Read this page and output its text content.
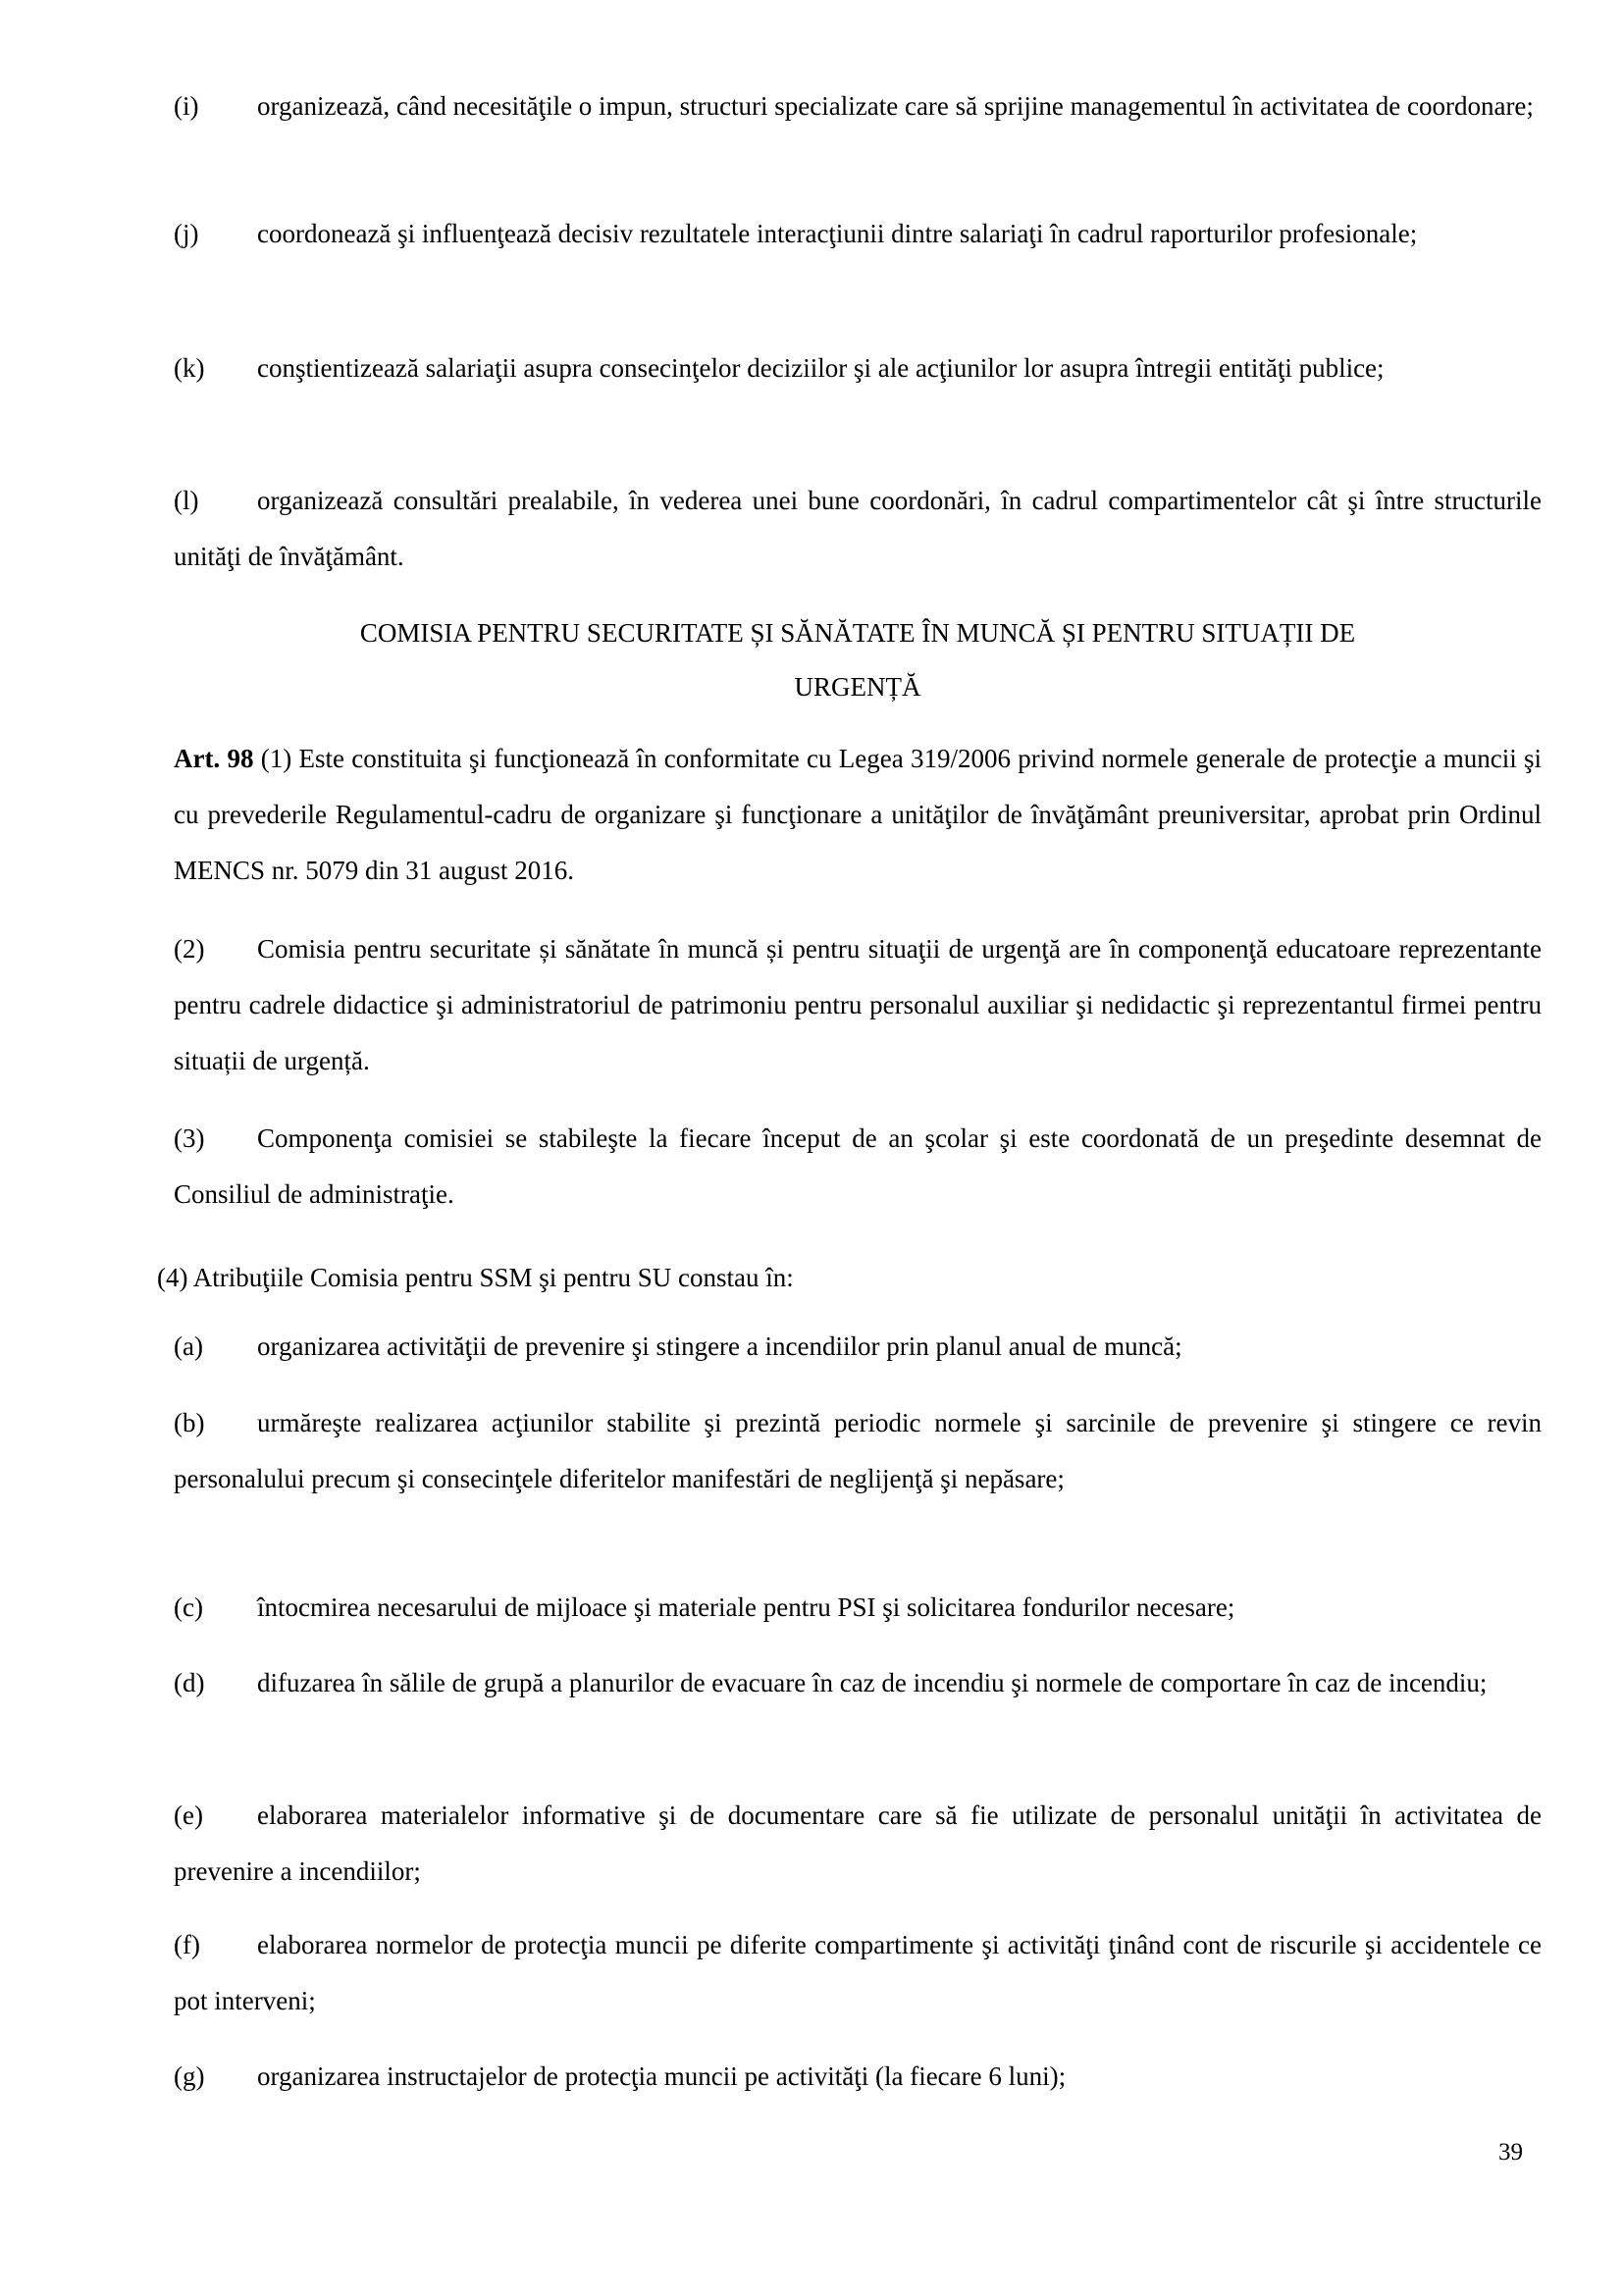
(i) organizează, când necesităţile o impun, structuri specializate care să sprijine managementul în activitatea de coordonare;
(j) coordonează şi influenţează decisiv rezultatele interacţiunii dintre salariaţi în cadrul raporturilor profesionale;
(k) conştientizează salariaţii asupra consecinţelor deciziilor şi ale acţiunilor lor asupra întregii entităţi publice;
(l) organizează consultări prealabile, în vederea unei bune coordonări, în cadrul compartimentelor cât şi între structurile unităţi de învăţământ.
COMISIA PENTRU SECURITATE ȘI SĂNĂTATE ÎN MUNCĂ ȘI PENTRU SITUAȚII DE
URGENȚĂ
Art. 98 (1) Este constituita şi funcţionează în conformitate cu Legea 319/2006 privind normele generale de protecţie a muncii şi cu prevederile Regulamentul-cadru de organizare şi funcţionare a unităţilor de învăţământ preuniversitar, aprobat prin Ordinul MENCS nr. 5079 din 31 august 2016.
(2) Comisia pentru securitate și sănătate în muncă și pentru situaţii de urgenţă are în componenţă educatoare reprezentante pentru cadrele didactice şi administratoriul de patrimoniu pentru personalul auxiliar şi nedidactic şi reprezentantul firmei pentru situații de urgență.
(3) Componenţa comisiei se stabileşte la fiecare început de an şcolar şi este coordonată de un preşedinte desemnat de Consiliul de administraţie.
(4) Atribuţiile Comisia pentru SSM şi pentru SU constau în:
(a) organizarea activităţii de prevenire şi stingere a incendiilor prin planul anual de muncă;
(b) urmăreşte realizarea acţiunilor stabilite şi prezintă periodic normele şi sarcinile de prevenire şi stingere ce revin personalului precum şi consecinţele diferitelor manifestări de neglijenţă şi nepăsare;
(c) întocmirea necesarului de mijloace şi materiale pentru PSI şi solicitarea fondurilor necesare;
(d) difuzarea în sălile de grupă a planurilor de evacuare în caz de incendiu şi normele de comportare în caz de incendiu;
(e) elaborarea materialelor informative şi de documentare care să fie utilizate de personalul unităţii în activitatea de prevenire a incendiilor;
(f) elaborarea normelor de protecţia muncii pe diferite compartimente şi activităţi ţinând cont de riscurile şi accidentele ce pot interveni;
(g) organizarea instructajelor de protecţia muncii pe activităţi (la fiecare 6 luni);
39
